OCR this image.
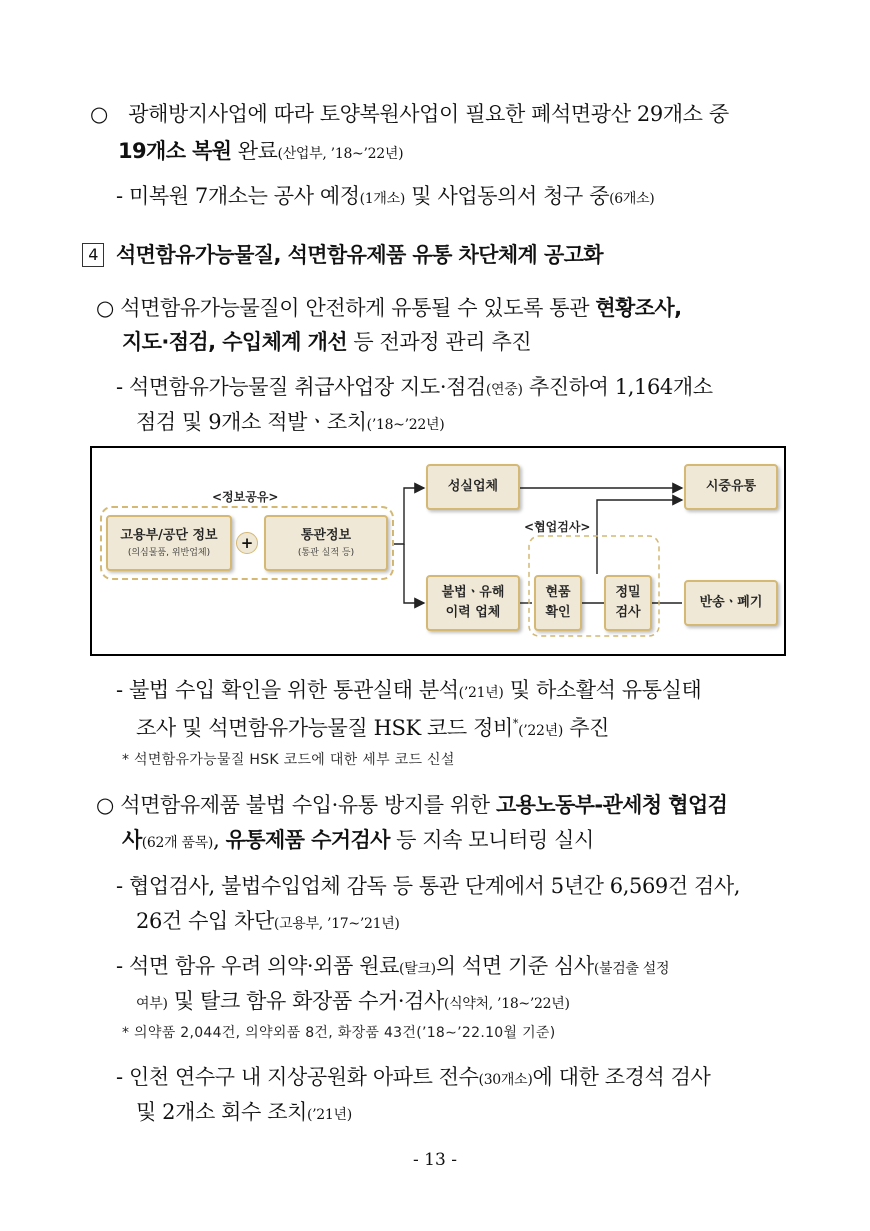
○ 광해방지사업에 따라 토양복원사업이 필요한 폐석면광산 29개소 중
19개소 복원 완료(산업부, ’18~’22년)
- 미복원 7개소는 공사 예정(1개소) 및 사업동의서 청구 중(6개소)
4 석면함유가능물질, 석면함유제품 유통 차단체계 공고화
○ 석면함유가능물질이 안전하게 유통될 수 있도록 통관 현황조사,
지도·점검, 수입체계 개선 등 전과정 관리 추진
- 석면함유가능물질 취급사업장 지도·점검(연중) 추진하여 1,164개소
점검 및 9개소 적발ㆍ조치(’18~’22년)
<정보공유>
고용부/공단 정보
(의심물품, 위반업체)
+	통관정보
(통관 실적 등)
성실업체	시중유통
<협업검사>
불법ㆍ유해
이력 업체
현품
확인
정밀
검사
반송ㆍ폐기
- 불법 수입 확인을 위한 통관실태 분석(’21년) 및 하소활석 유통실태
조사 및 석면함유가능물질 HSK 코드 정비*(’22년) 추진
* 석면함유가능물질 HSK 코드에 대한 세부 코드 신설
○ 석면함유제품 불법 수입·유통 방지를 위한 고용노동부-관세청 협업검
사(62개 품목), 유통제품 수거검사 등 지속 모니터링 실시
- 협업검사, 불법수입업체 감독 등 통관 단계에서 5년간 6,569건 검사,
26건 수입 차단(고용부, ’17~’21년)
- 석면 함유 우려 의약·외품 원료(탈크)의 석면 기준 심사(불검출 설정
여부) 및 탈크 함유 화장품 수거·검사(식약처, ’18~’22년)
* 의약품 2,044건, 의약외품 8건, 화장품 43건(’18∼’22.10월 기준)
- 인천 연수구 내 지상공원화 아파트 전수(30개소)에 대한 조경석 검사
및 2개소 회수 조치(’21년)
- 13 -
